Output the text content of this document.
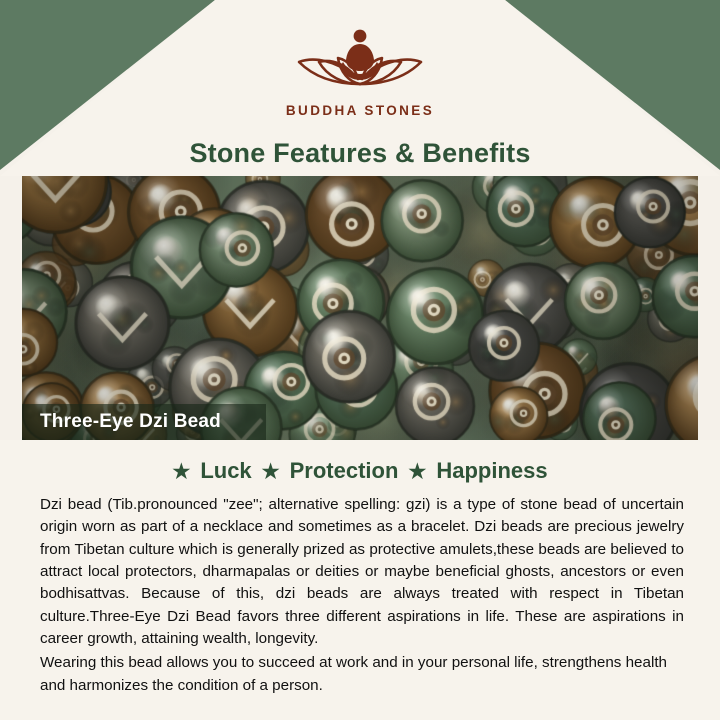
BUDDHA STONES
Stone Features & Benefits
Three-Eye Dzi Bead
★ Luck ★ Protection ★ Happiness

Dzi bead (Tib.pronounced "zee"; alternative spelling: gzi) is a type of stone bead of uncertain origin worn as part of a necklace and sometimes as a bracelet. Dzi beads are precious jewelry from Tibetan culture which is generally prized as protective amulets,these beads are believed to attract local protectors, dharmapalas or deities or maybe beneficial ghosts, ancestors or even bodhisattvas. Because of this, dzi beads are always treated with respect in Tibetan culture.Three-Eye Dzi Bead favors three different aspirations in life. These are aspirations in career growth, attaining wealth, longevity.

Wearing this bead allows you to succeed at work and in your personal life, strengthens health and harmonizes the condition of a person.
